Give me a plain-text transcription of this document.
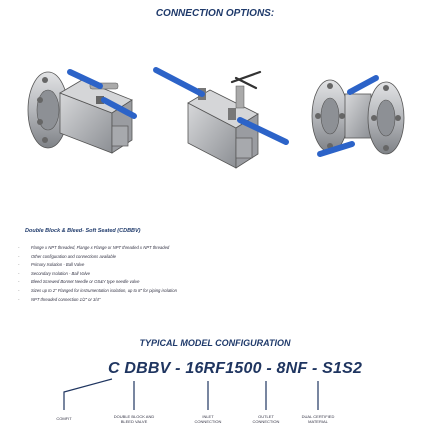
CONNECTION OPTIONS:
Double Block & Bleed- Soft Seated (CDBBV)
- Flange x NPT threaded, Flange x Flange or NPT threaded x NPT threaded
- Other configuration and connections available
- Primary Isolation - Ball Valve
- Secondary Isolation - Ball Valve
- Bleed Screwed Bonnet Needle or OS&Y type needle valve
- Sizes up to 2" Flanged for instrumentation isolation, up to 8" for piping isolation
- NPT threaded connection 1/2" or 3/4"
TYPICAL MODEL CONFIGURATION
C DBBV - 16RF1500 - 8NF - S1S2
COMFIT	DOUBLE BLOCK AND
BLEED VALVE
INLET
CONNECTION
OUTLET
CONNECTION
DUAL CERTIFIED
MATERIAL
